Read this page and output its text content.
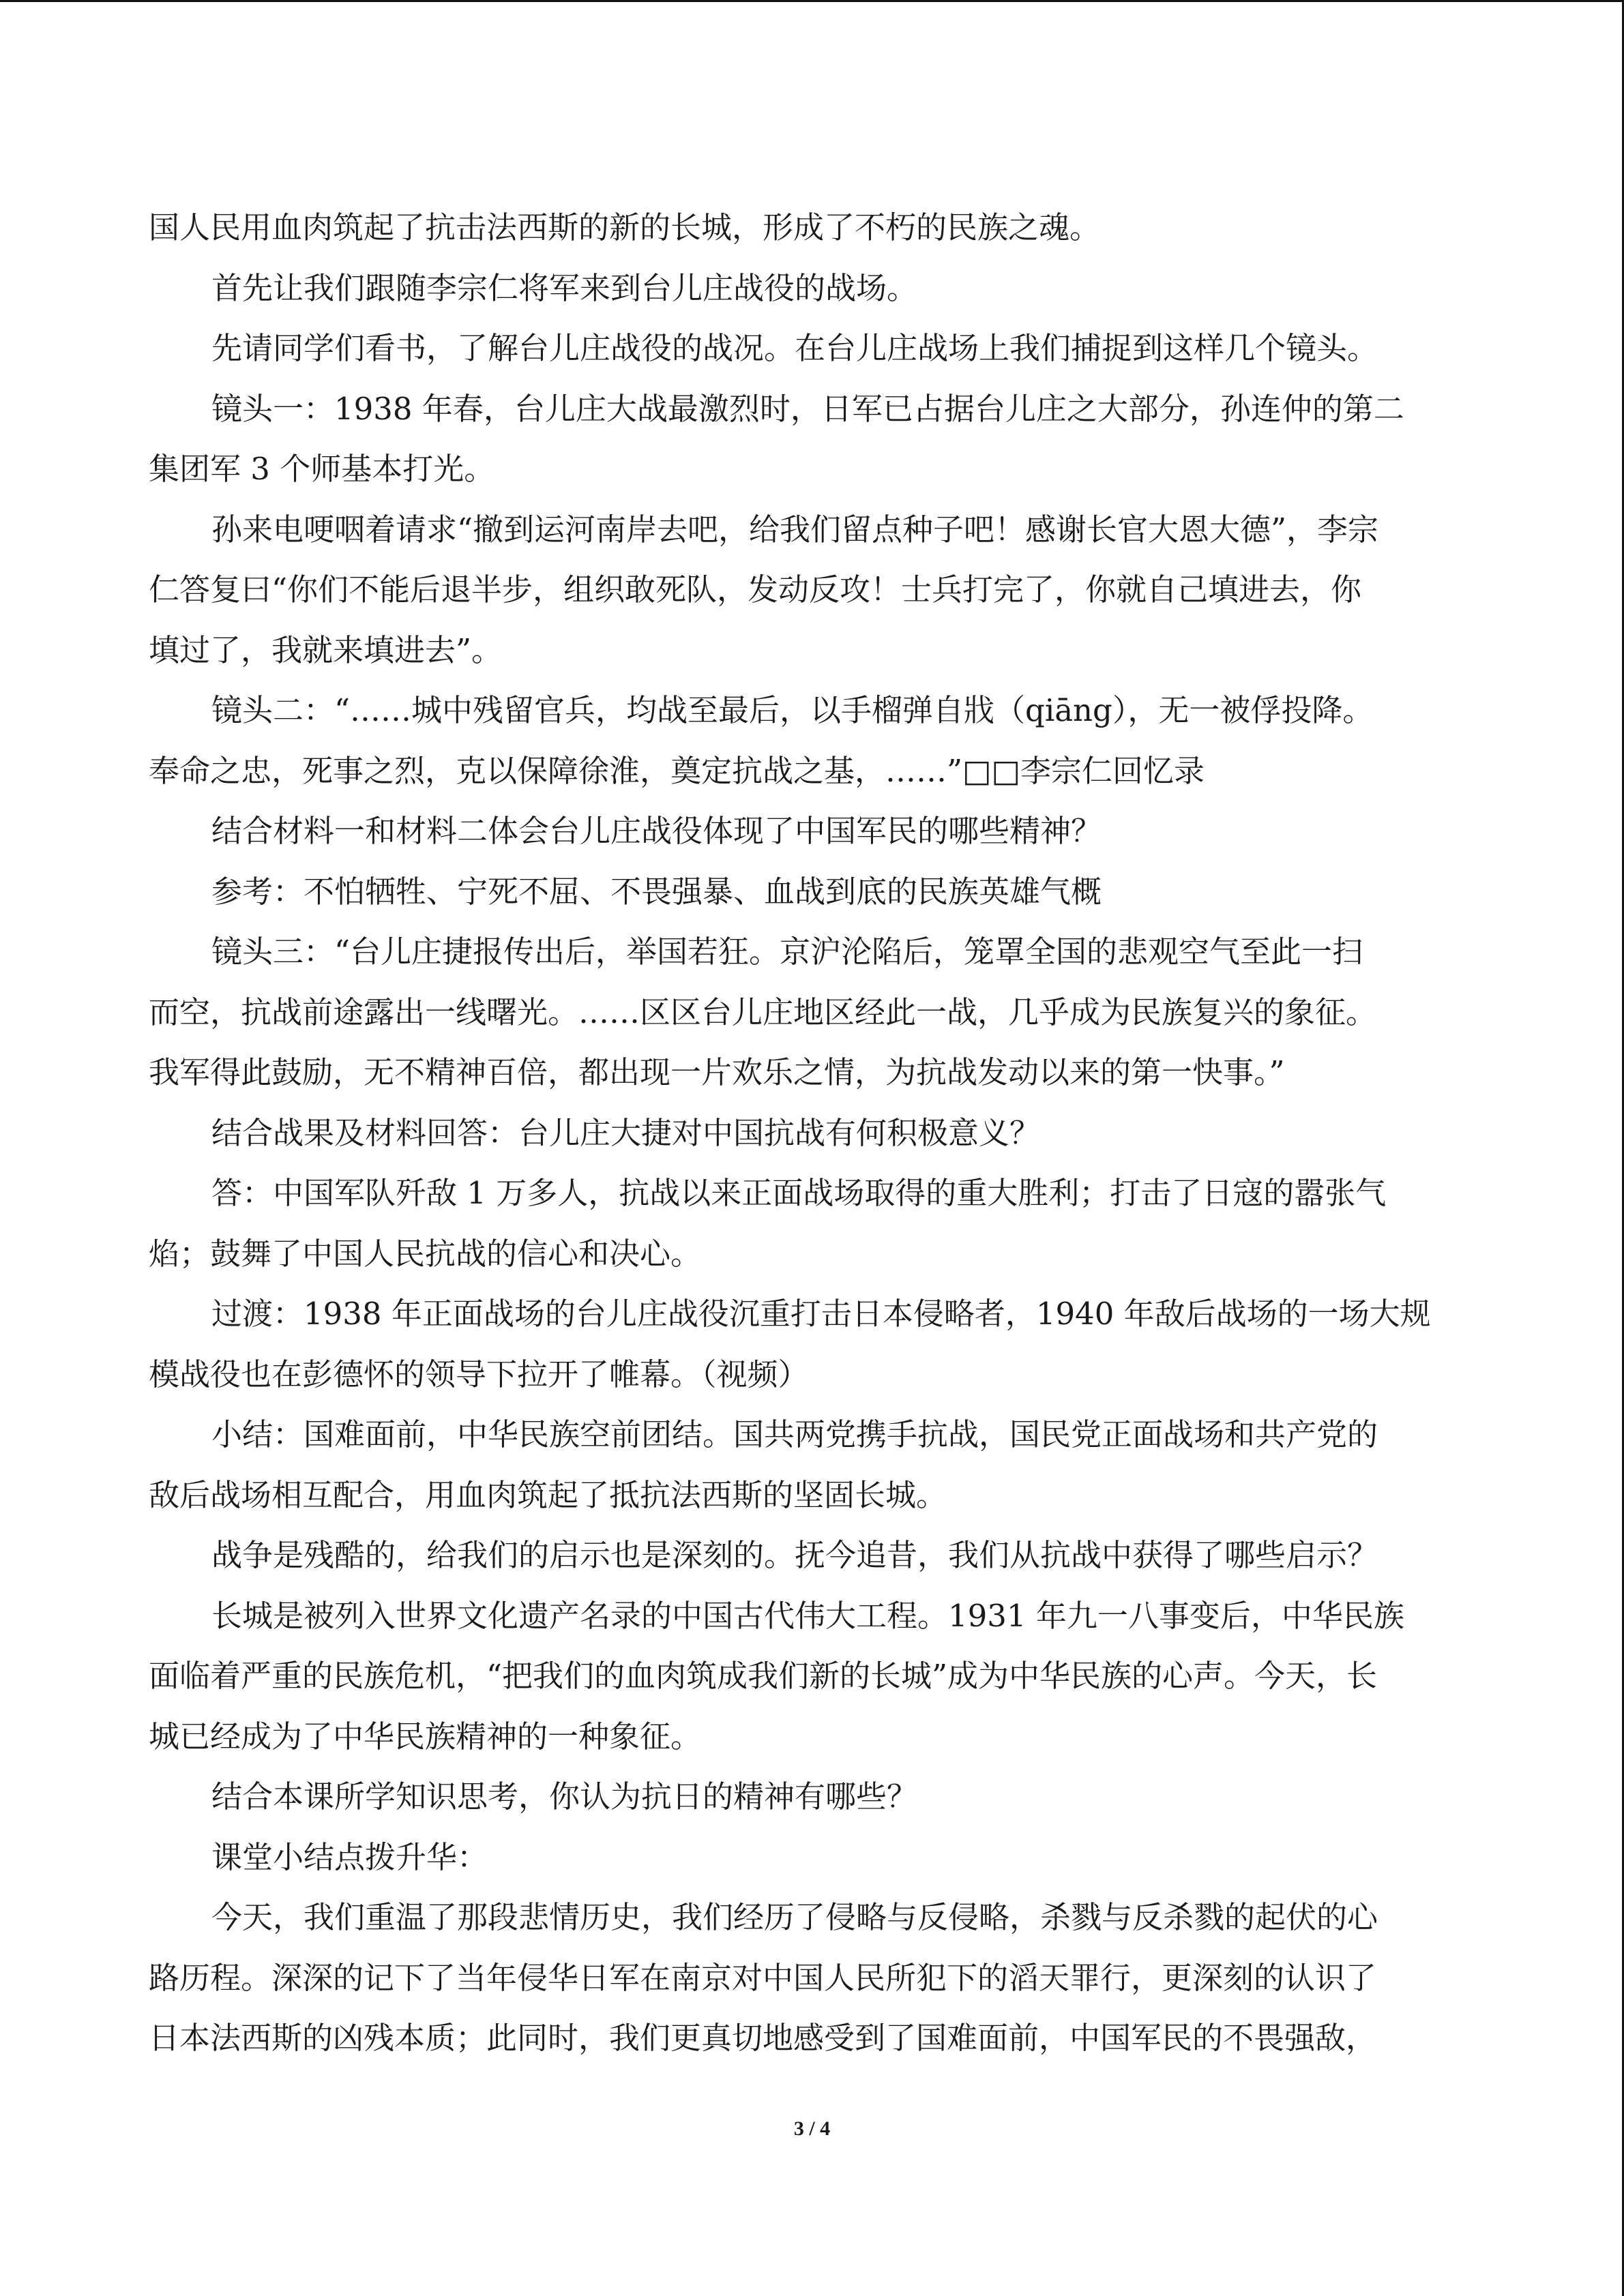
国人民用血肉筑起了抗击法西斯的新的长城，形成了不朽的民族之魂。
首先让我们跟随李宗仁将军来到台儿庄战役的战场。
先请同学们看书，了解台儿庄战役的战况。在台儿庄战场上我们捕捉到这样几个镜头。
镜头一：1938 年春，台儿庄大战最激烈时，日军已占据台儿庄之大部分，孙连仲的第二
集团军 3 个师基本打光。
孙来电哽咽着请求“撤到运河南岸去吧，给我们留点种子吧！感谢长官大恩大德”，李宗
仁答复曰“你们不能后退半步，组织敢死队，发动反攻！士兵打完了，你就自己填进去，你
填过了，我就来填进去”。
镜头二：“……城中残留官兵，均战至最后，以手榴弹自戕（qiāng），无一被俘投降。
奉命之忠，死事之烈，克以保障徐淮，奠定抗战之基，……”□□李宗仁回忆录
结合材料一和材料二体会台儿庄战役体现了中国军民的哪些精神？
参考：不怕牺牲、宁死不屈、不畏强暴、血战到底的民族英雄气概
镜头三：“台儿庄捷报传出后，举国若狂。京沪沦陷后，笼罩全国的悲观空气至此一扫
而空，抗战前途露出一线曙光。……区区台儿庄地区经此一战，几乎成为民族复兴的象征。
我军得此鼓励，无不精神百倍，都出现一片欢乐之情，为抗战发动以来的第一快事。”
结合战果及材料回答：台儿庄大捷对中国抗战有何积极意义？
答：中国军队歼敌 1 万多人，抗战以来正面战场取得的重大胜利；打击了日寇的嚣张气
焰；鼓舞了中国人民抗战的信心和决心。
过渡：1938 年正面战场的台儿庄战役沉重打击日本侵略者，1940 年敌后战场的一场大规
模战役也在彭德怀的领导下拉开了帷幕。（视频）
小结：国难面前，中华民族空前团结。国共两党携手抗战，国民党正面战场和共产党的
敌后战场相互配合，用血肉筑起了抵抗法西斯的坚固长城。
战争是残酷的，给我们的启示也是深刻的。抚今追昔，我们从抗战中获得了哪些启示？
长城是被列入世界文化遗产名录的中国古代伟大工程。1931 年九一八事变后，中华民族
面临着严重的民族危机，“把我们的血肉筑成我们新的长城”成为中华民族的心声。今天，长
城已经成为了中华民族精神的一种象征。
结合本课所学知识思考，你认为抗日的精神有哪些？
课堂小结点拨升华：
今天，我们重温了那段悲情历史，我们经历了侵略与反侵略，杀戮与反杀戮的起伏的心
路历程。深深的记下了当年侵华日军在南京对中国人民所犯下的滔天罪行，更深刻的认识了
日本法西斯的凶残本质；此同时，我们更真切地感受到了国难面前，中国军民的不畏强敌，
3 / 4
